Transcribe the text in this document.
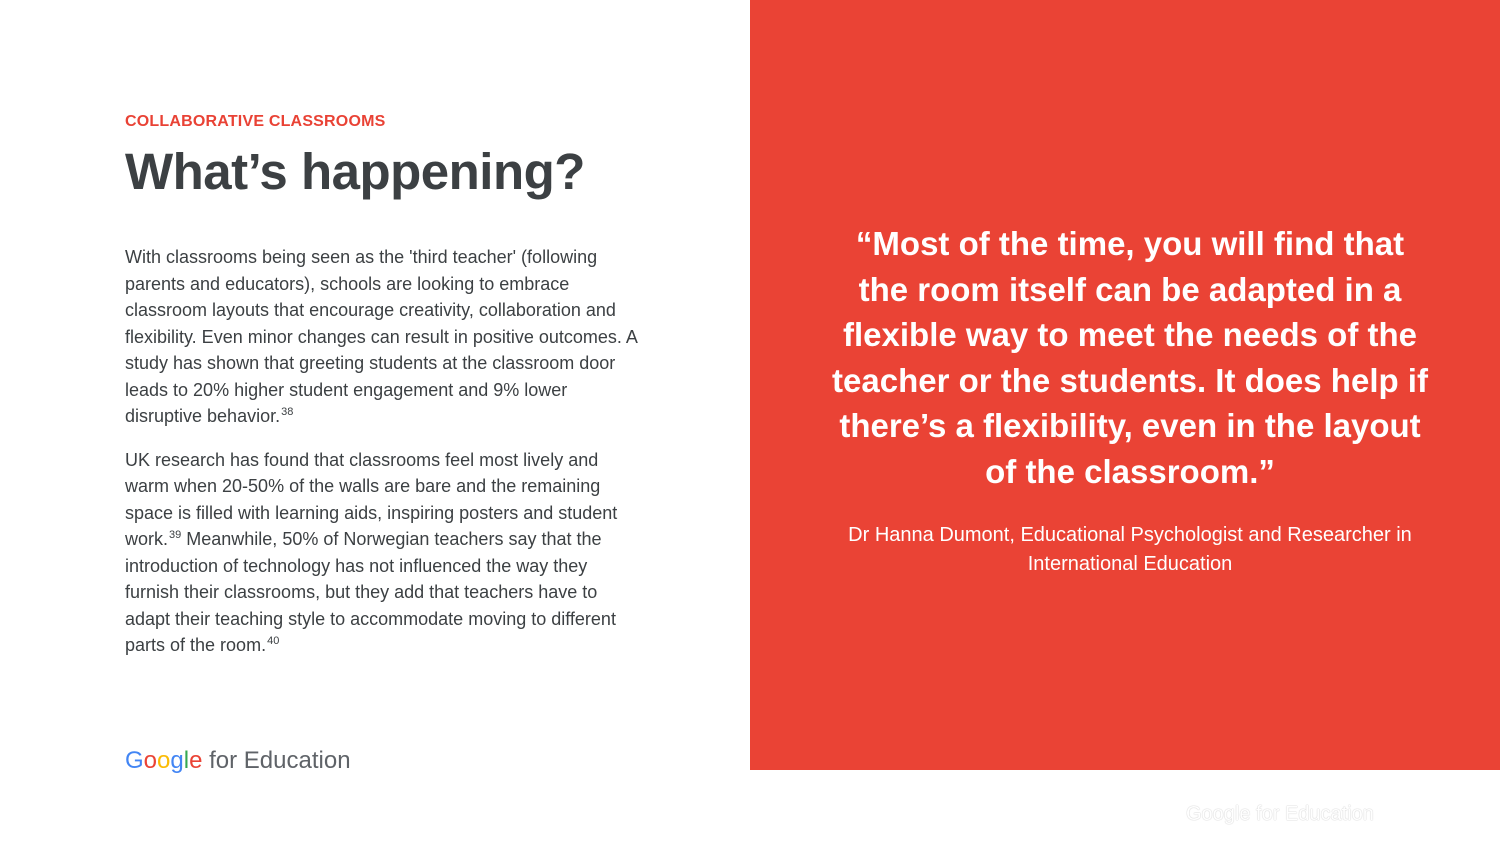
COLLABORATIVE CLASSROOMS
What’s happening?

With classrooms being seen as the 'third teacher' (following parents and educators), schools are looking to embrace classroom layouts that encourage creativity, collaboration and flexibility. Even minor changes can result in positive outcomes. A study has shown that greeting students at the classroom door leads to 20% higher student engagement and 9% lower disruptive behavior.$^{38}$

UK research has found that classrooms feel most lively and warm when 20-50% of the walls are bare and the remaining space is filled with learning aids, inspiring posters and student work.$^{39}$ Meanwhile, 50% of Norwegian teachers say that the introduction of technology has not influenced the way they furnish their classrooms, but they add that teachers have to adapt their teaching style to accommodate moving to different parts of the room.$^{40}$

Google for Education

“Most of the time, you will find that the room itself can be adapted in a flexible way to meet the needs of the teacher or the students. It does help if there’s a flexibility, even in the layout of the classroom.”

Dr Hanna Dumont, Educational Psychologist and Researcher in International Education
Google for Education
